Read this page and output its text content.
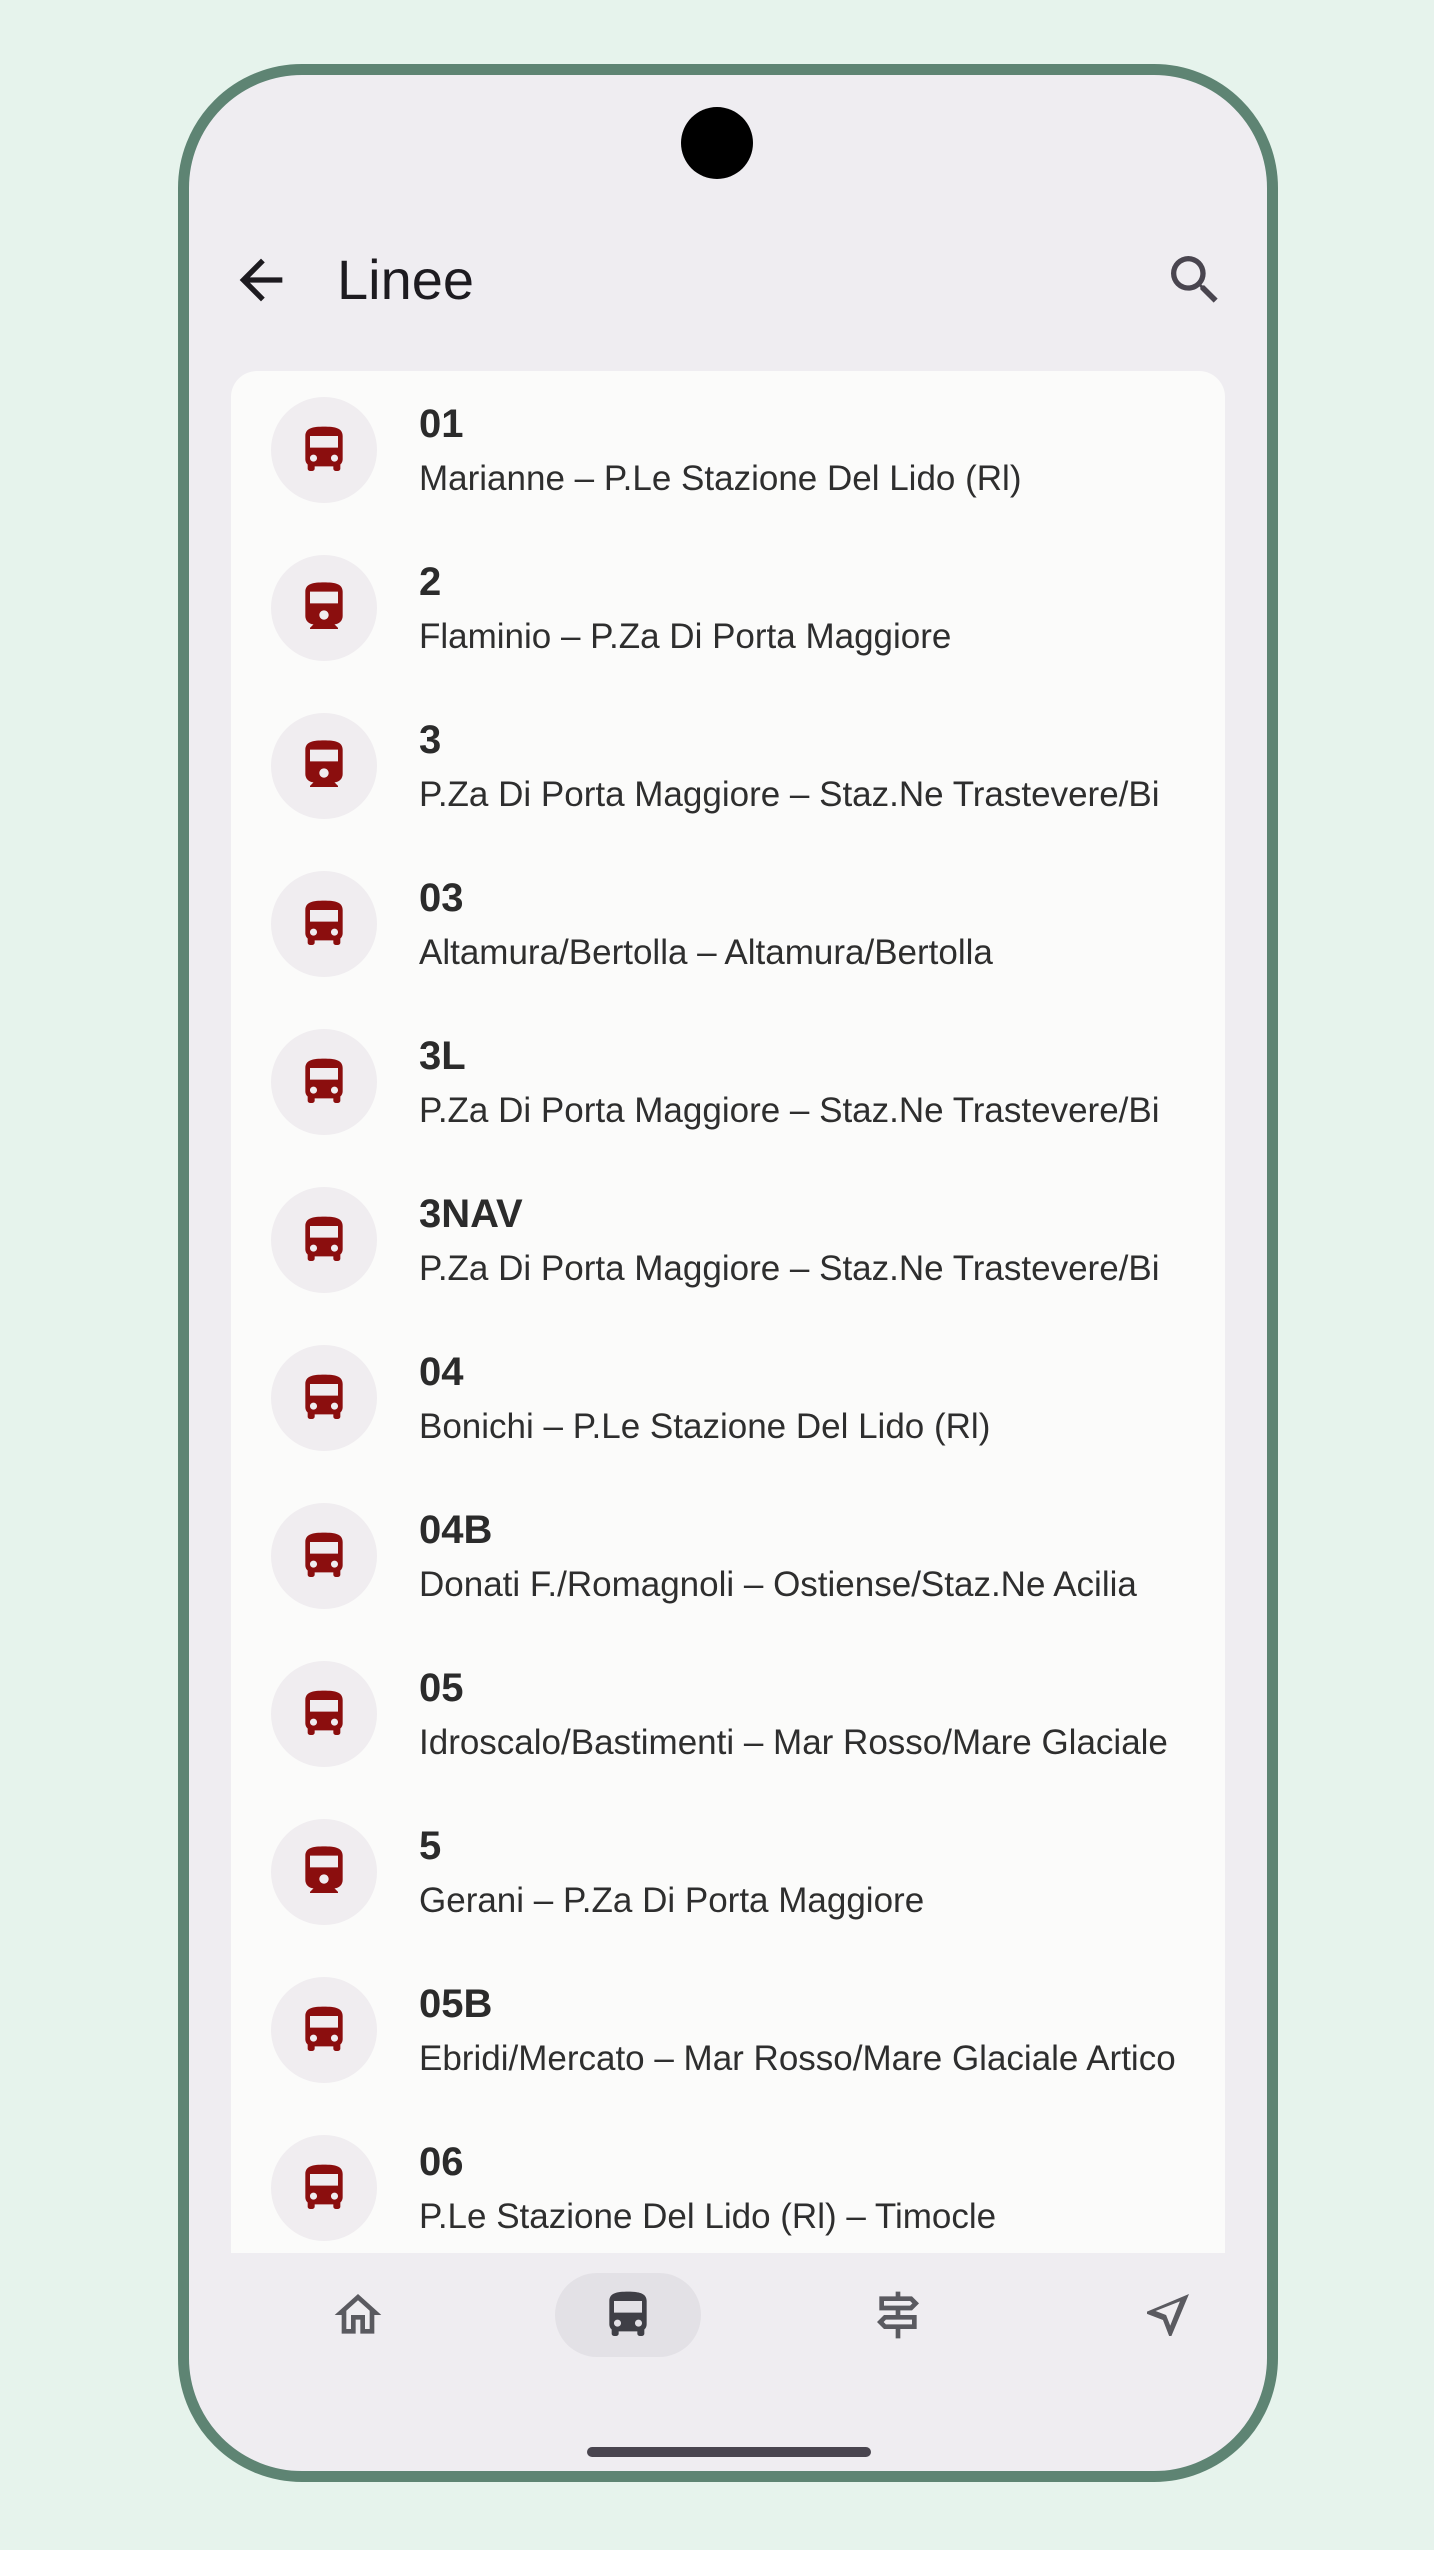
Linee
01
Marianne – P.Le Stazione Del Lido (Rl)
2
Flaminio – P.Za Di Porta Maggiore
3
P.Za Di Porta Maggiore – Staz.Ne Trastevere/Bi
03
Altamura/Bertolla – Altamura/Bertolla
3L
P.Za Di Porta Maggiore – Staz.Ne Trastevere/Bi
3NAV
P.Za Di Porta Maggiore – Staz.Ne Trastevere/Bi
04
Bonichi – P.Le Stazione Del Lido (Rl)
04B
Donati F./Romagnoli – Ostiense/Staz.Ne Acilia
05
Idroscalo/Bastimenti – Mar Rosso/Mare Glaciale
5
Gerani – P.Za Di Porta Maggiore
05B
Ebridi/Mercato – Mar Rosso/Mare Glaciale Artico
06
P.Le Stazione Del Lido (Rl) – Timocle
